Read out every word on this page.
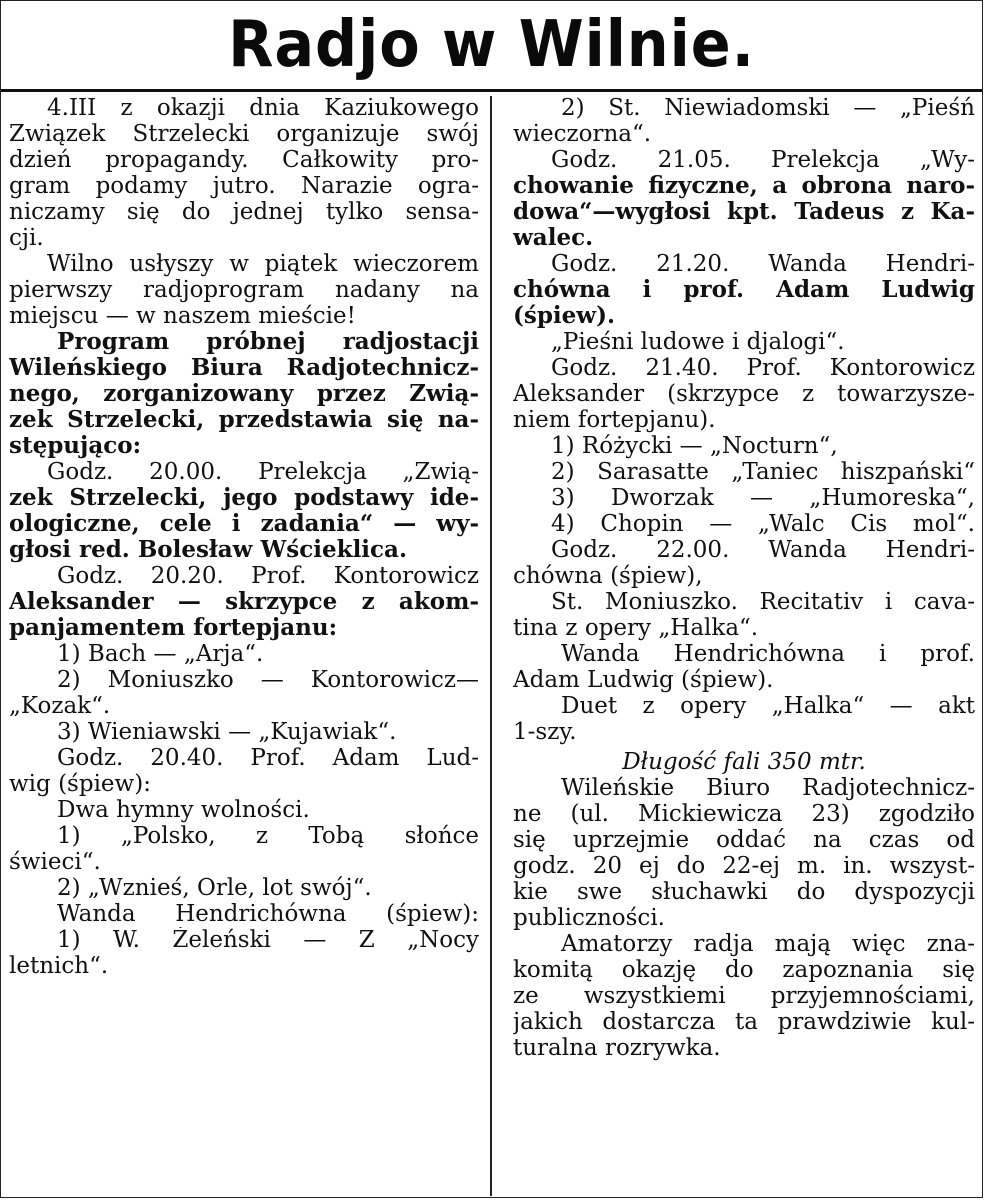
Radjo w Wilnie.
4.III z okazji dnia Kaziukowego
Związek Strzelecki organizuje swój
dzień propagandy. Całkowity pro-
gram podamy jutro. Narazie ogra-
niczamy się do jednej tylko sensa-
cji.
Wilno usłyszy w piątek wieczorem
pierwszy radjoprogram nadany na
miejscu — w naszem mieście!
Program próbnej radjostacji
Wileńskiego Biura Radjotechnicz-
nego, zorganizowany przez Zwią-
zek Strzelecki, przedstawia się na-
stępująco:
Godz. 20.00. Prelekcja „Zwią-
zek Strzelecki, jego podstawy ide-
ologiczne, cele i zadania“ — wy-
głosi red. Bolesław Wścieklica.
Godz. 20.20. Prof. Kontorowicz
Aleksander — skrzypce z akom-
panjamentem fortepjanu:
1) Bach — „Arja“.
2) Moniuszko — Kontorowicz—
„Kozak“.
3) Wieniawski — „Kujawiak“.
Godz. 20.40. Prof. Adam Lud-
wig (śpiew):
Dwa hymny wolności.
1) „Polsko, z Tobą słońce
świeci“.
2) „Wznieś, Orle, lot swój“.
Wanda Hendrichówna (śpiew):
1) W. Żeleński — Z „Nocy
letnich“.
2) St. Niewiadomski — „Pieśń
wieczorna“.
Godz. 21.05. Prelekcja „Wy-
chowanie fizyczne, a obrona naro-
dowa“—wygłosi kpt. Tadeus z Ka-
walec.
Godz. 21.20. Wanda Hendri-
chówna i prof. Adam Ludwig
(śpiew).
„Pieśni ludowe i djalogi“.
Godz. 21.40. Prof. Kontorowicz
Aleksander (skrzypce z towarzysze-
niem fortepjanu).
1) Różycki — „Nocturn“,
2) Sarasatte „Taniec hiszpański“
3) Dworzak — „Humoreska“,
4) Chopin — „Walc Cis mol“.
Godz. 22.00. Wanda Hendri-
chówna (śpiew),
St. Moniuszko. Recitativ i cava-
tina z opery „Halka“.
Wanda Hendrichówna i prof.
Adam Ludwig (śpiew).
Duet z opery „Halka“ — akt
1-szy.
Długość fali 350 mtr.
Wileńskie Biuro Radjotechnicz-
ne (ul. Mickiewicza 23) zgodziło
się uprzejmie oddać na czas od
godz. 20 ej do 22-ej m. in. wszyst-
kie swe słuchawki do dyspozycji
publiczności.
Amatorzy radja mają więc zna-
komitą okazję do zapoznania się
ze wszystkiemi przyjemnościami,
jakich dostarcza ta prawdziwie kul-
turalna rozrywka.
